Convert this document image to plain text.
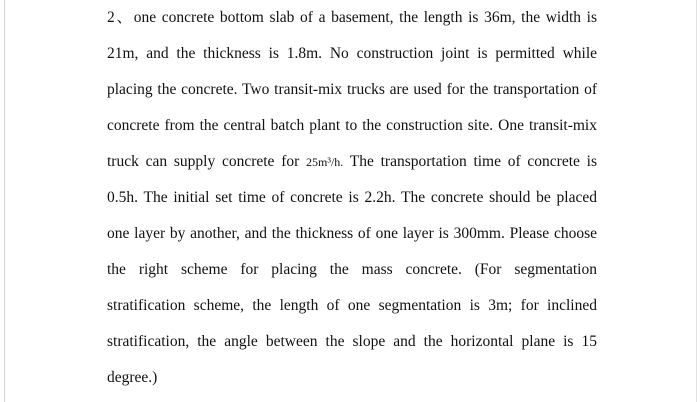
2、one concrete bottom slab of a basement, the length is 36m, the width is
21m, and the thickness is 1.8m. No construction joint is permitted while
placing the concrete. Two transit-mix trucks are used for the transportation of
concrete from the central batch plant to the construction site. One transit-mix
truck can supply concrete for 25m³/h. The transportation time of concrete is
0.5h. The initial set time of concrete is 2.2h. The concrete should be placed
one layer by another, and the thickness of one layer is 300mm. Please choose
the right scheme for placing the mass concrete. (For segmentation
stratification scheme, the length of one segmentation is 3m; for inclined
stratification, the angle between the slope and the horizontal plane is 15
degree.)
